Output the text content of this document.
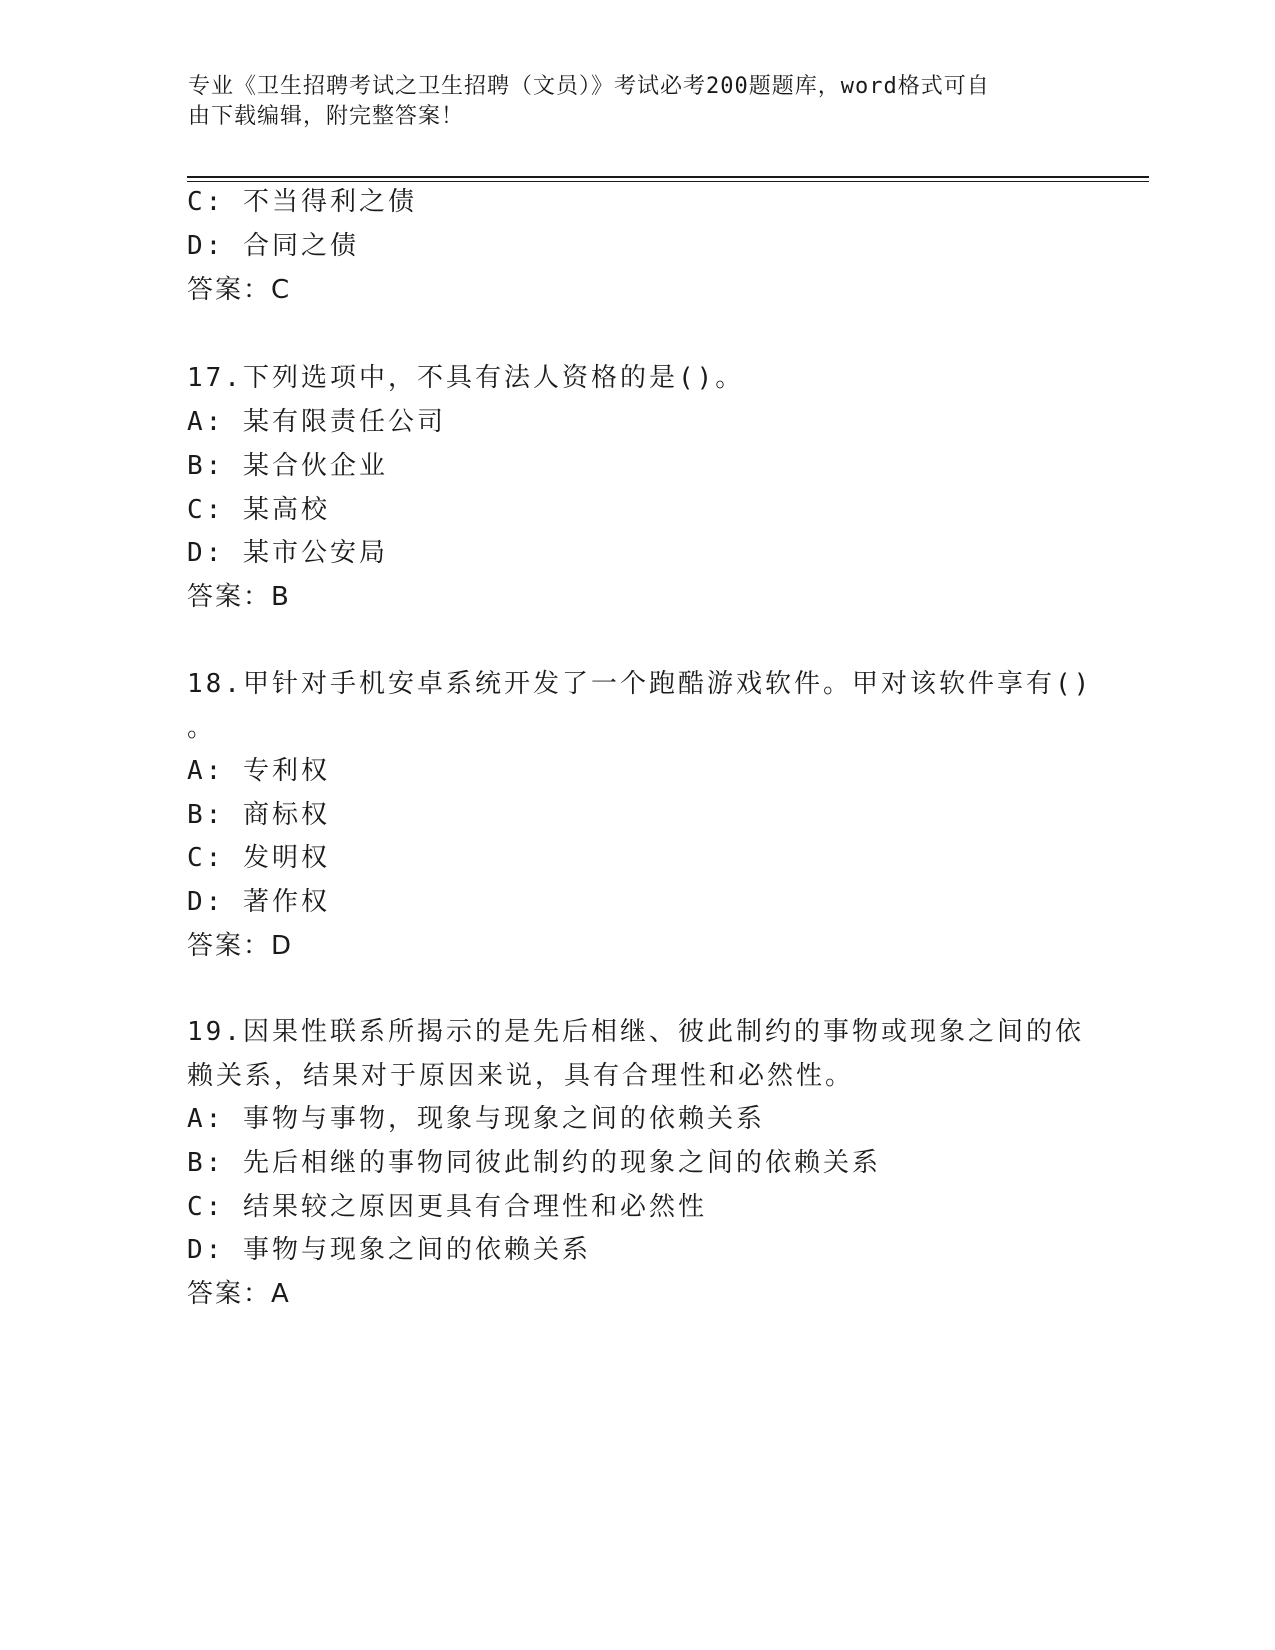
专业《卫生招聘考试之卫生招聘（文员）》考试必考200题题库，word格式可自
由下载编辑，附完整答案！
C: 不当得利之债
D: 合同之债
答案：C
17.下列选项中，不具有法人资格的是()。
A: 某有限责任公司
B: 某合伙企业
C: 某高校
D: 某市公安局
答案：B
18.甲针对手机安卓系统开发了一个跑酷游戏软件。甲对该软件享有()
。
A: 专利权
B: 商标权
C: 发明权
D: 著作权
答案：D
19.因果性联系所揭示的是先后相继、彼此制约的事物或现象之间的依
赖关系，结果对于原因来说，具有合理性和必然性。
A: 事物与事物，现象与现象之间的依赖关系
B: 先后相继的事物同彼此制约的现象之间的依赖关系
C: 结果较之原因更具有合理性和必然性
D: 事物与现象之间的依赖关系
答案：A
